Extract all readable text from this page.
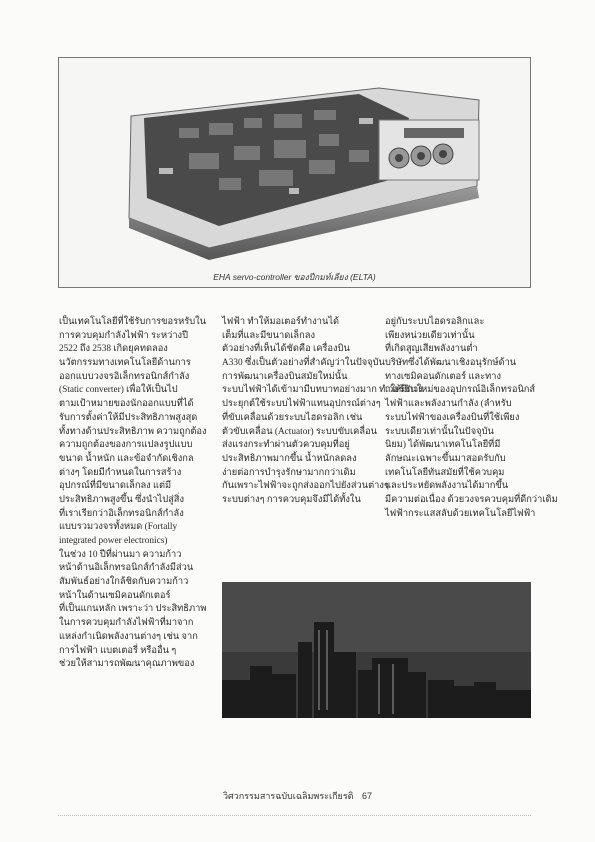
EHA servo-controller ของปีกมท์เลียง (ELTA)
เป็นเทคโนโลยีที่ใช้รับการขอรหรับใน
การควบคุมกำลังไฟฟ้า ระหว่างปี
2522 ถึง 2538 เกิดยุคทดลอง
นวัตกรรมทางเทคโนโลยีด้านการ
ออกแบบวงจรอิเล็กทรอนิกส์กำลัง
(Static converter) เพื่อให้เป็นไป
ตามเป้าหมายของนักออกแบบที่ได้
รับการตั้งค่าให้มีประสิทธิภาพสูงสุด
ทั้งทางด้านประสิทธิภาพ ความถูกต้อง
ความถูกต้องของการแปลงรูปแบบ
ขนาด น้ำหนัก และข้อจำกัดเชิงกล
ต่างๆ โดยมีกำหนดในการสร้าง
อุปกรณ์ที่มีขนาดเล็กลง แต่มี
ประสิทธิภาพสูงขึ้น ซึ่งนำไปสู่สิ่ง
ที่เราเรียกว่าอิเล็กทรอนิกส์กำลัง
แบบรวมวงจรทั้งหมด (Fortally
integrated power electronics)
ในช่วง 10 ปีที่ผ่านมา ความก้าว
หน้าด้านอิเล็กทรอนิกส์กำลังมีส่วน
สัมพันธ์อย่างใกล้ชิดกับความก้าว
หน้าในด้านเซมิคอนดักเตอร์
ที่เป็นแกนหลัก เพราะว่า ประสิทธิภาพ
ในการควบคุมกำลังไฟฟ้าที่มาจาก
แหล่งกำเนิดพลังงานต่างๆ เช่น จาก
การไฟฟ้า แบตเตอรี่ หรืออื่น ๆ
ช่วยให้สามารถพัฒนาคุณภาพของ
ไฟฟ้า ทำให้มอเตอร์ทำงานได้
เต็มที่และมีขนาดเล็กลง
ตัวอย่างที่เห็นได้ชัดคือ เครื่องบิน
A330 ซึ่งเป็นตัวอย่างที่สำคัญว่าในปัจจุบัน
การพัฒนาเครื่องบินสมัยใหม่นั้น
ระบบไฟฟ้าได้เข้ามามีบทบาทอย่างมาก ทำให้มีการ
ประยุกต์ใช้ระบบไฟฟ้าแทนอุปกรณ์ต่างๆ
ที่ขับเคลื่อนด้วยระบบไฮดรอลิก เช่น
ตัวขับเคลื่อน (Actuator) ระบบขับเคลื่อน
ส่งแรงกระทำผ่านตัวควบคุมที่อยู่
ประสิทธิภาพมากขึ้น น้ำหนักลดลง
ง่ายต่อการบำรุงรักษามากกว่าเดิม
กันเพราะไฟฟ้าจะถูกส่งออกไปยังส่วนต่างๆ
ระบบต่างๆ การควบคุมจึงมีได้ทั้งใน
อยู่กับระบบไฮดรอลิกและ
เพียงหน่วยเดียวเท่านั้น
ที่เกิดสูญเสียพลังงานต่ำ
บริษัทซึ่งได้พัฒนาเชิงอนุรักษ์ด้าน
ทางเซมิคอนดักเตอร์ และทาง
เวอร์ชันใหม่ของอุปกรณ์อิเล็กทรอนิกส์
ไฟฟ้าและพลังงานกำลัง (ลำหรับ
ระบบไฟฟ้าของเครื่องบินที่ใช้เพียง
ระบบเดียวเท่านั้นในปัจจุบัน
นิยม) ได้พัฒนาเทคโนโลยีที่มี
ลักษณะเฉพาะขึ้นมาสอดรับกับ
เทคโนโลยีทันสมัยที่ใช้ควบคุม
และประหยัดพลังงานได้มากขึ้น
มีความต่อเนื่อง ด้วยวงจรควบคุมที่ดีกว่าเดิม
ไฟฟ้ากระแสสลับด้วยเทคโนโลยีไฟฟ้า
วิศวกรรมสารฉบับเฉลิมพระเกียรติ 67
